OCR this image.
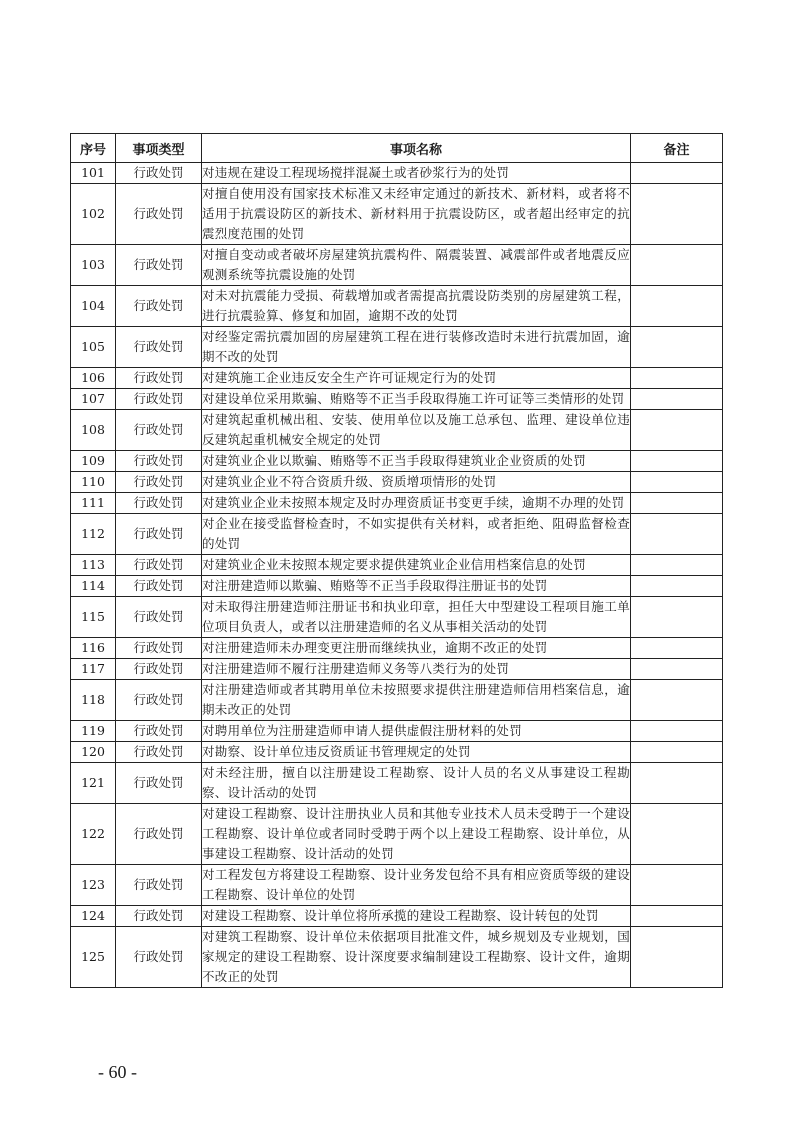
序号	事项类型	事项名称	备注
101	行政处罚	对违规在建设工程现场搅拌混凝土或者砂浆行为的处罚	
102	行政处罚	对擅自使用没有国家技术标准又未经审定通过的新技术、新材料，或者将不适用于抗震设防区的新技术、新材料用于抗震设防区，或者超出经审定的抗震烈度范围的处罚	
103	行政处罚	对擅自变动或者破坏房屋建筑抗震构件、隔震装置、减震部件或者地震反应观测系统等抗震设施的处罚	
104	行政处罚	对未对抗震能力受损、荷载增加或者需提高抗震设防类别的房屋建筑工程，进行抗震验算、修复和加固，逾期不改的处罚	
105	行政处罚	对经鉴定需抗震加固的房屋建筑工程在进行装修改造时未进行抗震加固，逾期不改的处罚	
106	行政处罚	对建筑施工企业违反安全生产许可证规定行为的处罚	
107	行政处罚	对建设单位采用欺骗、贿赂等不正当手段取得施工许可证等三类情形的处罚	
108	行政处罚	对建筑起重机械出租、安装、使用单位以及施工总承包、监理、建设单位违反建筑起重机械安全规定的处罚	
109	行政处罚	对建筑业企业以欺骗、贿赂等不正当手段取得建筑业企业资质的处罚	
110	行政处罚	对建筑业企业不符合资质升级、资质增项情形的处罚	
111	行政处罚	对建筑业企业未按照本规定及时办理资质证书变更手续，逾期不办理的处罚	
112	行政处罚	对企业在接受监督检查时，不如实提供有关材料，或者拒绝、阻碍监督检查的处罚	
113	行政处罚	对建筑业企业未按照本规定要求提供建筑业企业信用档案信息的处罚	
114	行政处罚	对注册建造师以欺骗、贿赂等不正当手段取得注册证书的处罚	
115	行政处罚	对未取得注册建造师注册证书和执业印章，担任大中型建设工程项目施工单位项目负责人，或者以注册建造师的名义从事相关活动的处罚	
116	行政处罚	对注册建造师未办理变更注册而继续执业，逾期不改正的处罚	
117	行政处罚	对注册建造师不履行注册建造师义务等八类行为的处罚	
118	行政处罚	对注册建造师或者其聘用单位未按照要求提供注册建造师信用档案信息，逾期未改正的处罚	
119	行政处罚	对聘用单位为注册建造师申请人提供虚假注册材料的处罚	
120	行政处罚	对勘察、设计单位违反资质证书管理规定的处罚	
121	行政处罚	对未经注册，擅自以注册建设工程勘察、设计人员的名义从事建设工程勘察、设计活动的处罚	
122	行政处罚	对建设工程勘察、设计注册执业人员和其他专业技术人员未受聘于一个建设工程勘察、设计单位或者同时受聘于两个以上建设工程勘察、设计单位，从事建设工程勘察、设计活动的处罚	
123	行政处罚	对工程发包方将建设工程勘察、设计业务发包给不具有相应资质等级的建设工程勘察、设计单位的处罚	
124	行政处罚	对建设工程勘察、设计单位将所承揽的建设工程勘察、设计转包的处罚	
125	行政处罚	对建筑工程勘察、设计单位未依据项目批准文件，城乡规划及专业规划，国家规定的建设工程勘察、设计深度要求编制建设工程勘察、设计文件，逾期不改正的处罚	
- 60 -
